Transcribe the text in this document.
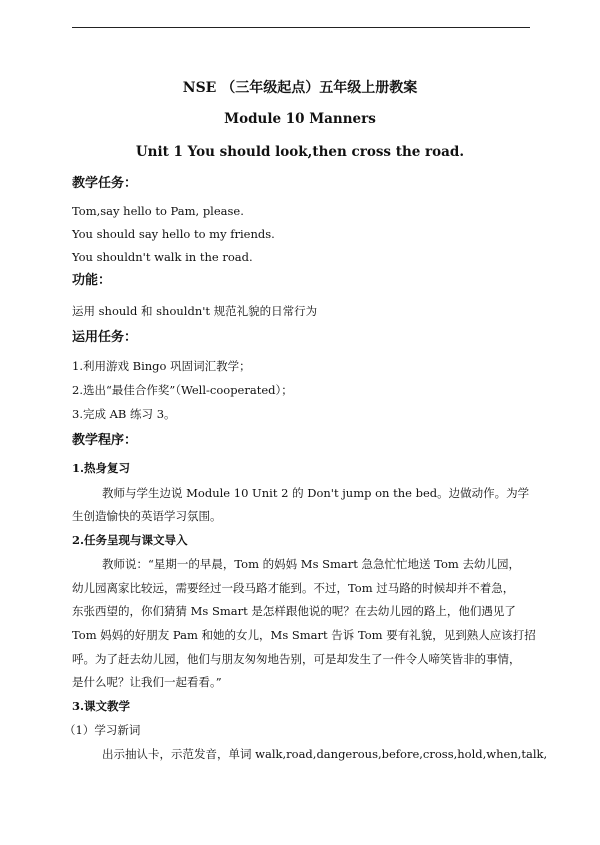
NSE （三年级起点）五年级上册教案
Module 10 Manners
Unit 1 You should look,then cross the road.
教学任务：
Tom,say hello to Pam, please.
You should say hello to my friends.
You shouldn't walk in the road.
功能：
运用 should 和 shouldn't 规范礼貌的日常行为
运用任务：
1.利用游戏 Bingo 巩固词汇教学；
2.选出“最佳合作奖”（Well-cooperated）；
3.完成 AB 练习 3。
教学程序：
1.热身复习
教师与学生边说 Module 10 Unit 2 的 Don't jump on the bed。边做动作。为学
生创造愉快的英语学习氛围。
2.任务呈现与课文导入
教师说：“星期一的早晨，Tom 的妈妈 Ms Smart 急急忙忙地送 Tom 去幼儿园，
幼儿园离家比较远，需要经过一段马路才能到。不过，Tom 过马路的时候却并不着急，
东张西望的，你们猜猜 Ms Smart 是怎样跟他说的呢？在去幼儿园的路上，他们遇见了
Tom 妈妈的好朋友 Pam 和她的女儿，Ms Smart 告诉 Tom 要有礼貌，见到熟人应该打招
呼。为了赶去幼儿园，他们与朋友匆匆地告别，可是却发生了一件令人啼笑皆非的事情，
是什么呢？让我们一起看看。”
3.课文教学
（1）学习新词
出示抽认卡，示范发音，单词 walk,road,dangerous,before,cross,hold,when,talk,
